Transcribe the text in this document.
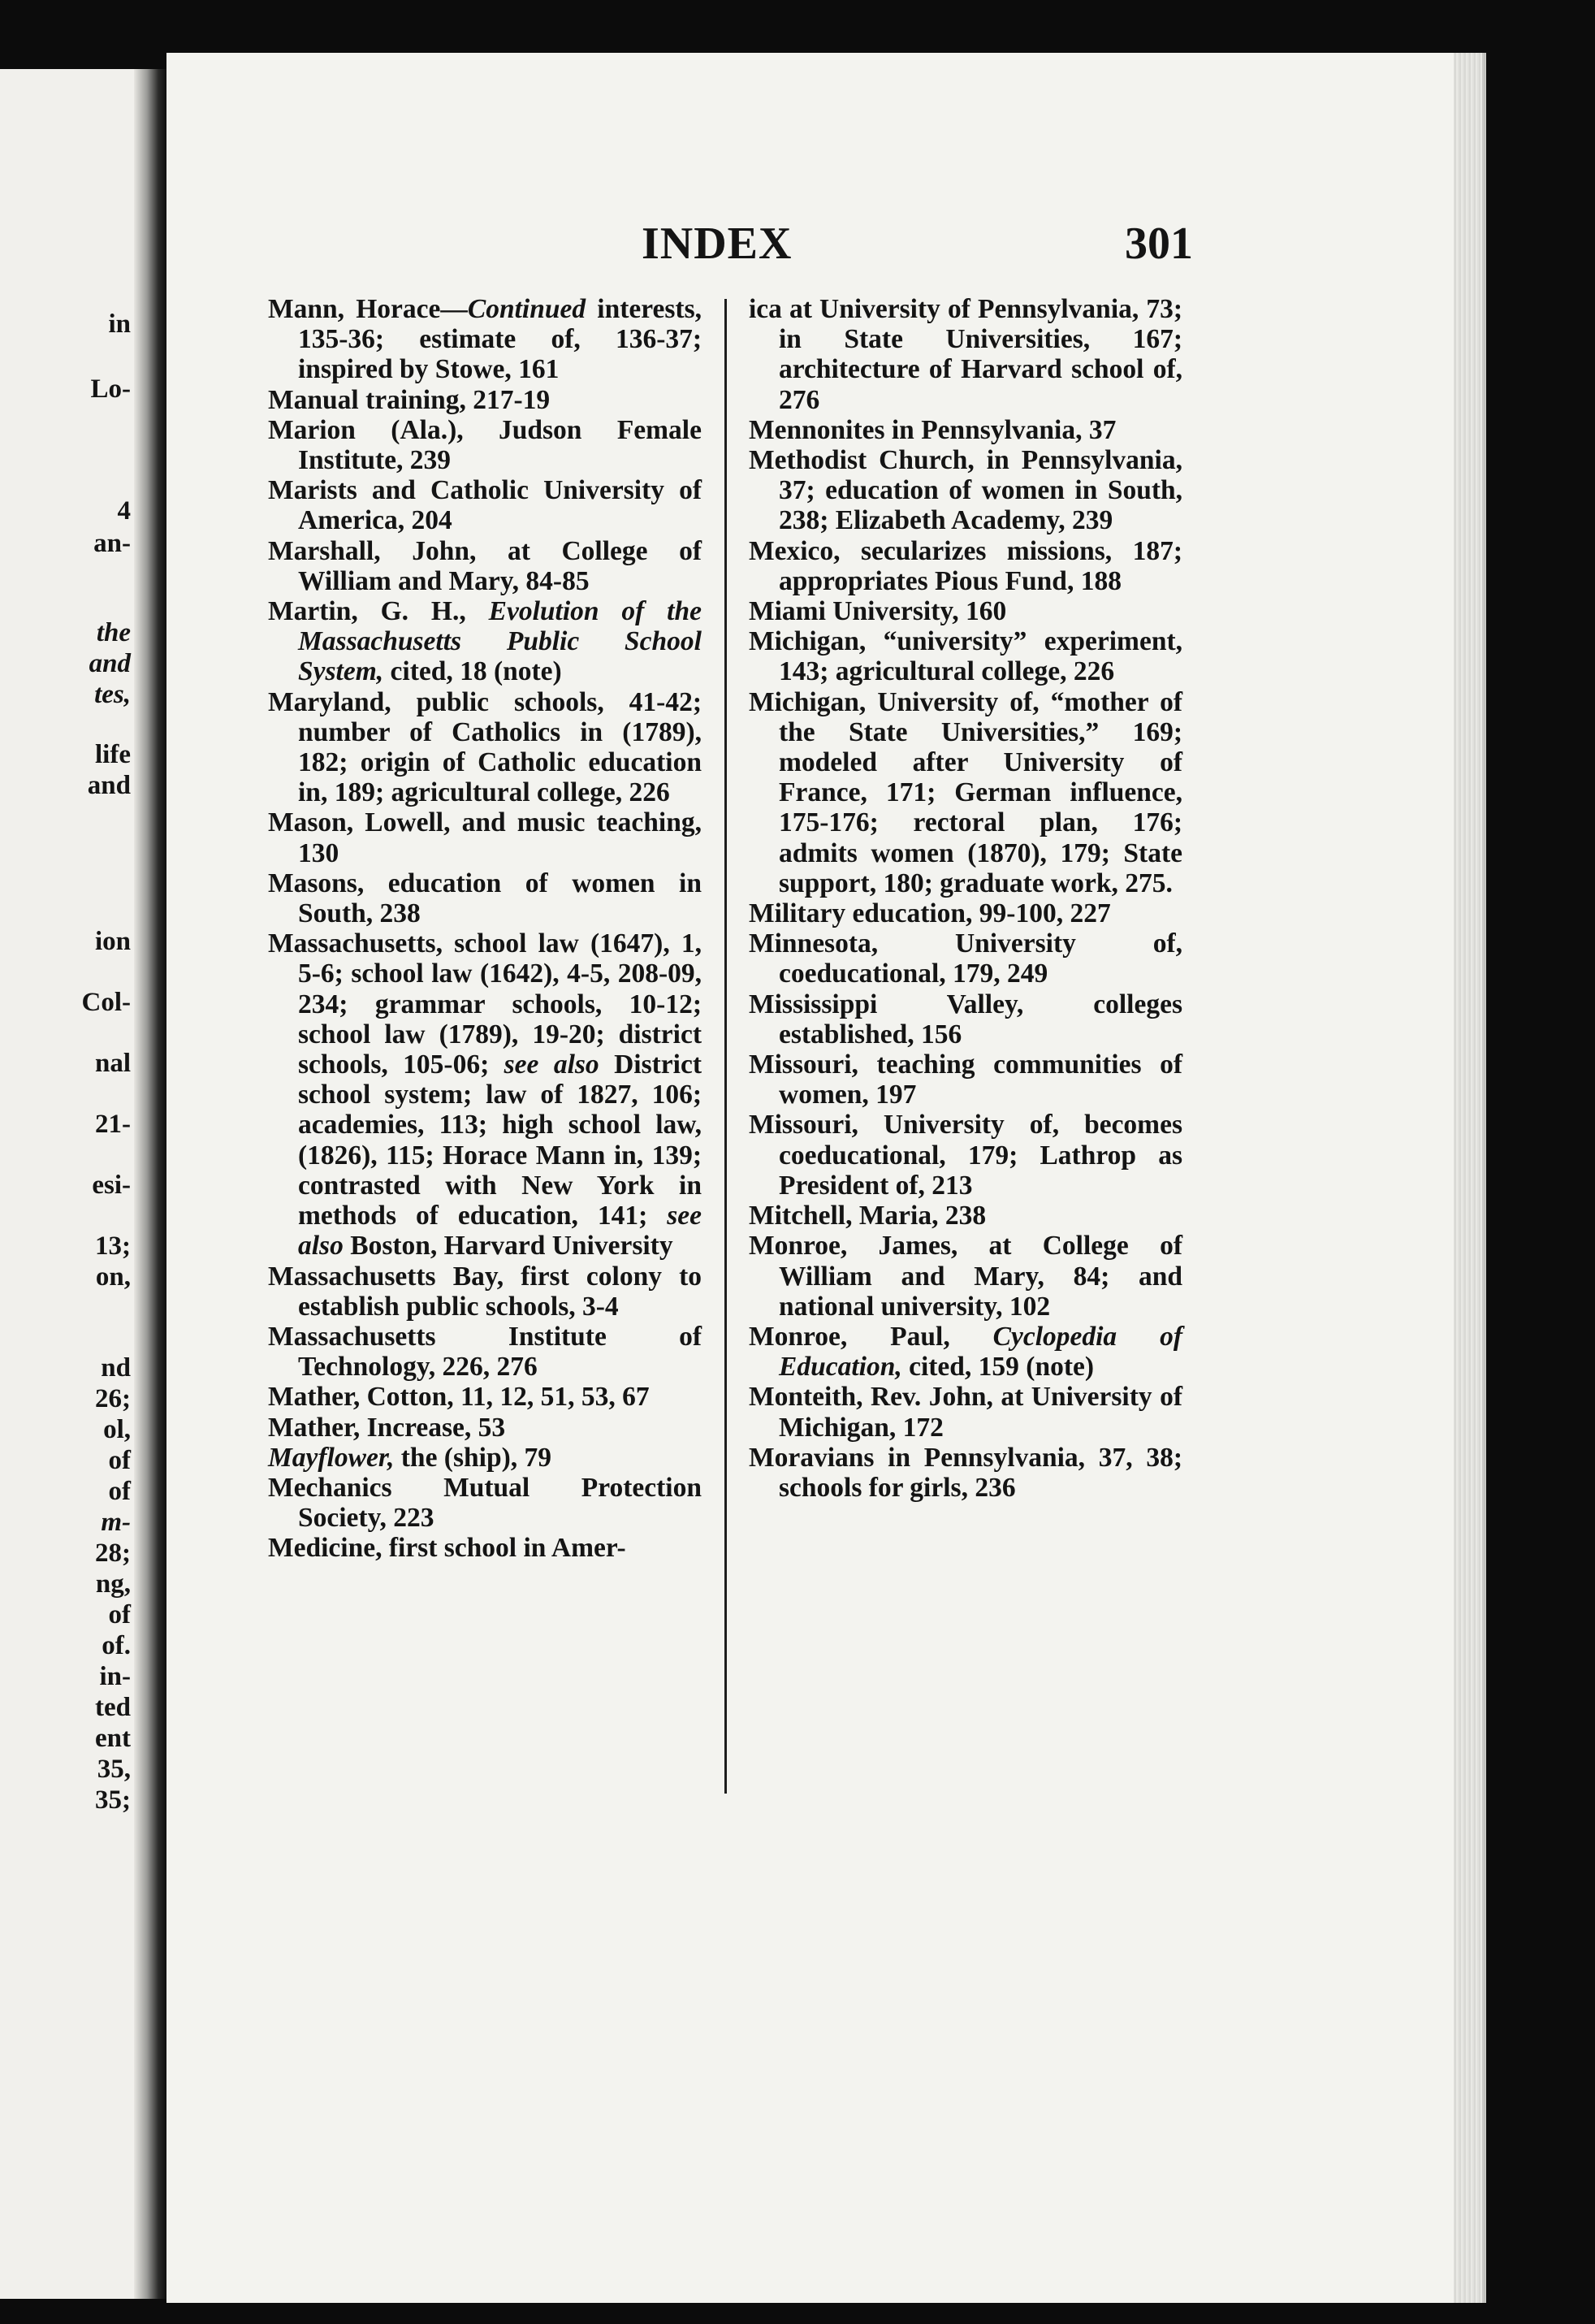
in
Lo-
4
an-
the
and
tes,
life
and
ion
Col-
nal
21-
esi-
13;
on,
nd
26;
ol,
of
of
m-
28;
ng,
of
of.
in-
ted
ent
35,
35;
INDEX	301
Mann, Horace—Continued interests, 135-36; estimate of, 136-37; inspired by Stowe, 161
Manual training, 217-19
Marion (Ala.), Judson Female Institute, 239
Marists and Catholic University of America, 204
Marshall, John, at College of William and Mary, 84-85
Martin, G. H., Evolution of the Massachusetts Public School System, cited, 18 (note)
Maryland, public schools, 41-42; number of Catholics in (1789), 182; origin of Catholic education in, 189; agricultural college, 226
Mason, Lowell, and music teaching, 130
Masons, education of women in South, 238
Massachusetts, school law (1647), 1, 5-6; school law (1642), 4-5, 208-09, 234; grammar schools, 10-12; school law (1789), 19-20; district schools, 105-06; see also District school system; law of 1827, 106; academies, 113; high school law, (1826), 115; Horace Mann in, 139; contrasted with New York in methods of education, 141; see also Boston, Harvard University
Massachusetts Bay, first colony to establish public schools, 3-4
Massachusetts Institute of Technology, 226, 276
Mather, Cotton, 11, 12, 51, 53, 67
Mather, Increase, 53
Mayflower, the (ship), 79
Mechanics Mutual Protection Society, 223
Medicine, first school in Amer-
ica at University of Pennsylvania, 73; in State Universities, 167; architecture of Harvard school of, 276
Mennonites in Pennsylvania, 37
Methodist Church, in Pennsylvania, 37; education of women in South, 238; Elizabeth Academy, 239
Mexico, secularizes missions, 187; appropriates Pious Fund, 188
Miami University, 160
Michigan, “university” experiment, 143; agricultural college, 226
Michigan, University of, “mother of the State Universities,” 169; modeled after University of France, 171; German influence, 175-176; rectoral plan, 176; admits women (1870), 179; State support, 180; graduate work, 275.
Military education, 99-100, 227
Minnesota, University of, coeducational, 179, 249
Mississippi Valley, colleges established, 156
Missouri, teaching communities of women, 197
Missouri, University of, becomes coeducational, 179; Lathrop as President of, 213
Mitchell, Maria, 238
Monroe, James, at College of William and Mary, 84; and national university, 102
Monroe, Paul, Cyclopedia of Education, cited, 159 (note)
Monteith, Rev. John, at University of Michigan, 172
Moravians in Pennsylvania, 37, 38; schools for girls, 236
